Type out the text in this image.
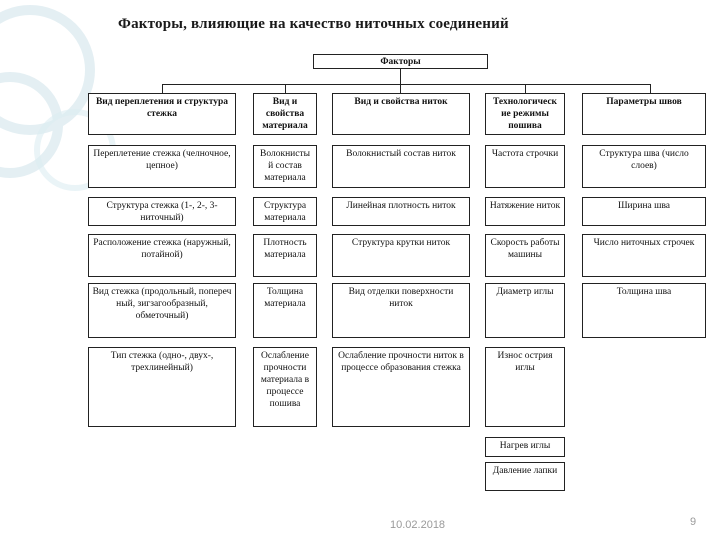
Факторы, влияющие на качество ниточных соединений
Факторы
Вид переплетения и структура стежка
Вид и свойства материала
Вид и свойства ниток	Технологическ ие режимы пошива
Параметры швов
Переплетение стежка (челночное, цепное)
Структура стежка (1-, 2-, 3-ниточный)
Расположение стежка (наружный, потайной)
Вид стежка (продольный, попереч ный, зигзагообразный, обметочный)
Тип стежка (одно-, двух-, трехлинейный)
Волокнисты й состав материала
Структура материала
Плотность материала
Толщина материала
Ослабление прочности материала в процессе пошива
Волокнистый состав ниток
Линейная плотность ниток
Структура крутки ниток
Вид отделки поверхности ниток
Ослабление прочности ниток в процессе образования стежка
Частота строчки
Натяжение ниток
Скорость работы машины
Диаметр иглы
Износ острия иглы
Нагрев иглы
Давление лапки
Структура шва (число слоев)
Ширина шва
Число ниточных строчек
Толщина шва
10.02.2018	9
